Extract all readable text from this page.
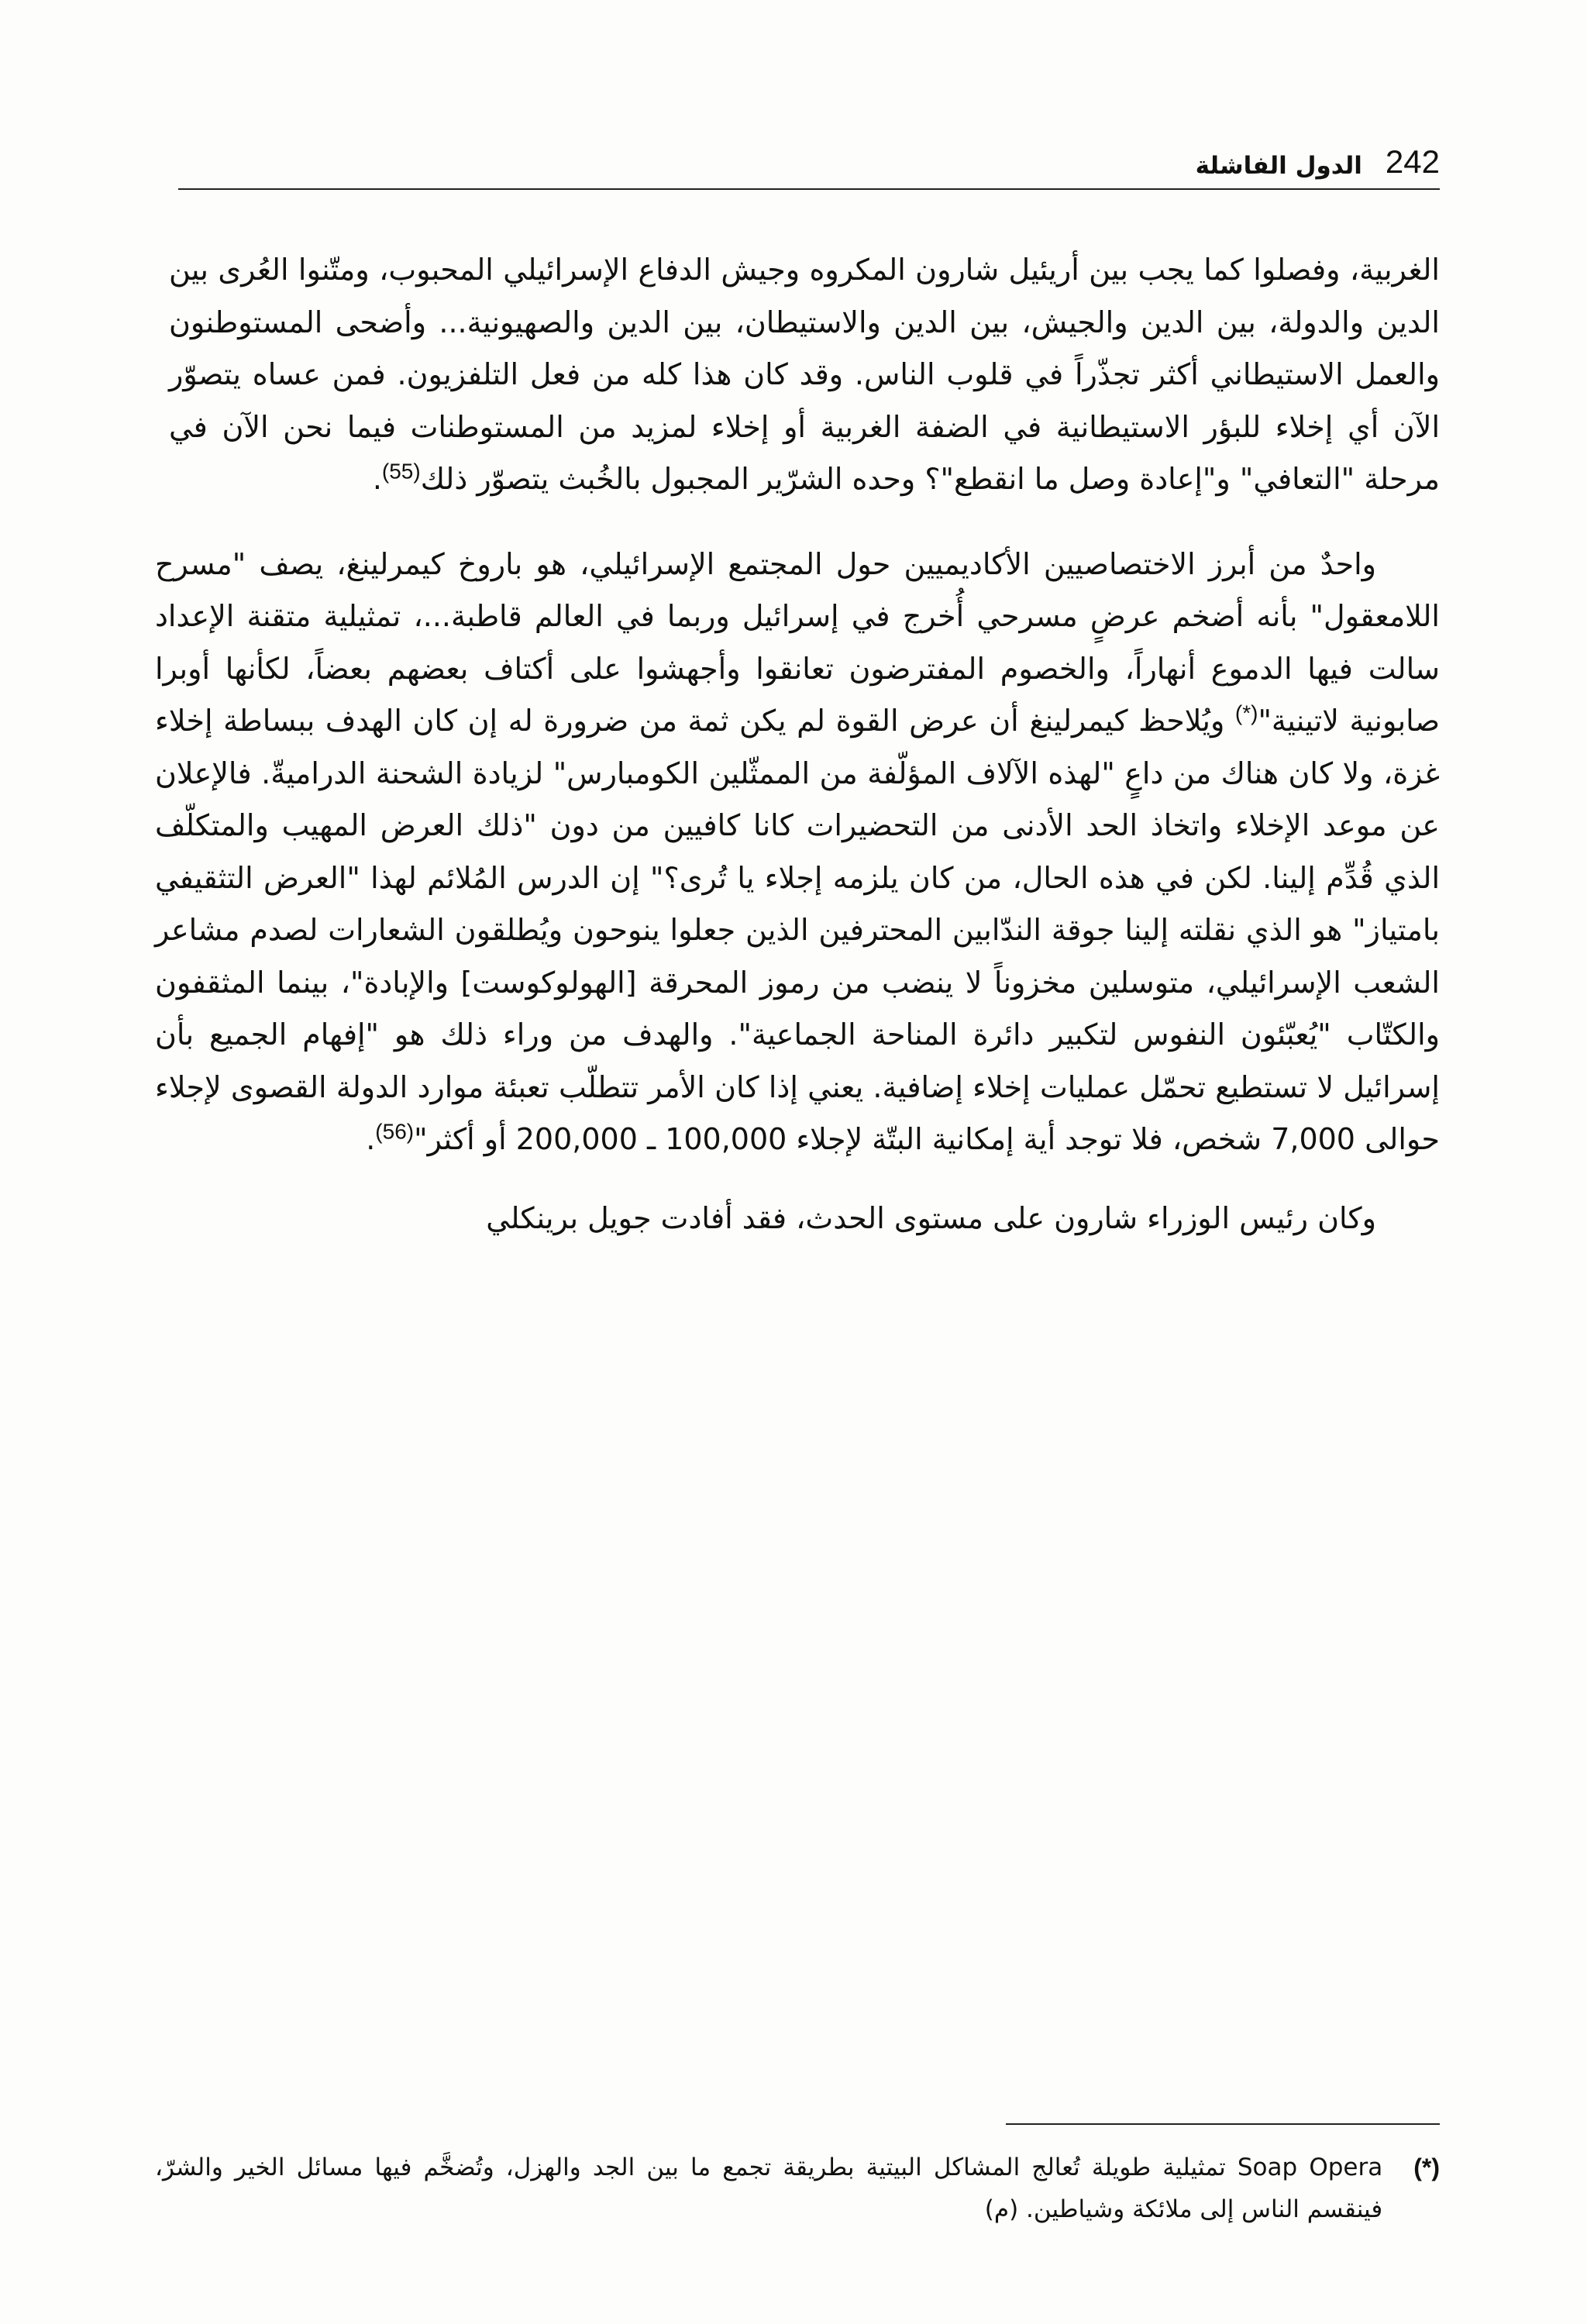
242
الدول الفاشلة

الغربية، وفصلوا كما يجب بين أريئيل شارون المكروه وجيش الدفاع الإسرائيلي المحبوب، ومتّنوا العُرى بين الدين والدولة، بين الدين والجيش، بين الدين والاستيطان، بين الدين والصهيونية... وأضحى المستوطنون والعمل الاستيطاني أكثر تجذّراً في قلوب الناس. وقد كان هذا كله من فعل التلفزيون. فمن عساه يتصوّر الآن أي إخلاء للبؤر الاستيطانية في الضفة الغربية أو إخلاء لمزيد من المستوطنات فيما نحن الآن في مرحلة "التعافي" و"إعادة وصل ما انقطع"؟ وحده الشرّير المجبول بالخُبث يتصوّر ذلك$^{(55)}$.

واحدٌ من أبرز الاختصاصيين الأكاديميين حول المجتمع الإسرائيلي، هو باروخ كيمرلينغ، يصف "مسرح اللامعقول" بأنه أضخم عرضٍ مسرحي أُخرج في إسرائيل وربما في العالم قاطبة...، تمثيلية متقنة الإعداد سالت فيها الدموع أنهاراً، والخصوم المفترضون تعانقوا وأجهشوا على أكتاف بعضهم بعضاً، لكأنها أوبرا صابونية لاتينية"(*) ويُلاحظ كيمرلينغ أن عرض القوة لم يكن ثمة من ضرورة له إن كان الهدف ببساطة إخلاء غزة، ولا كان هناك من داعٍ "لهذه الآلاف المؤلّفة من الممثّلين الكومبارس" لزيادة الشحنة الدراميةّ. فالإعلان عن موعد الإخلاء واتخاذ الحد الأدنى من التحضيرات كانا كافيين من دون "ذلك العرض المهيب والمتكلّف الذي قُدِّم إلينا. لكن في هذه الحال، من كان يلزمه إجلاء يا تُرى؟" إن الدرس المُلائم لهذا "العرض التثقيفي بامتياز" هو الذي نقلته إلينا جوقة الندّابين المحترفين الذين جعلوا ينوحون ويُطلقون الشعارات لصدم مشاعر الشعب الإسرائيلي، متوسلين مخزوناً لا ينضب من رموز المحرقة [الهولوكوست] والإبادة"، بينما المثقفون والكتّاب "يُعبّئون النفوس لتكبير دائرة المناحة الجماعية". والهدف من وراء ذلك هو "إفهام الجميع بأن إسرائيل لا تستطيع تحمّل عمليات إخلاء إضافية. يعني إذا كان الأمر تتطلّب تعبئة موارد الدولة القصوى لإجلاء حوالى 7,000 شخص، فلا توجد أية إمكانية البتّة لإجلاء 100,000 ـ 200,000 أو أكثر"$^{(56)}$.

وكان رئيس الوزراء شارون على مستوى الحدث، فقد أفادت جويل برينكلي

(*)

Soap Opera تمثيلية طويلة تُعالج المشاكل البيتية بطريقة تجمع ما بين الجد والهزل، وتُضخَّم فيها مسائل الخير والشرّ، فينقسم الناس إلى ملائكة وشياطين. (م)
